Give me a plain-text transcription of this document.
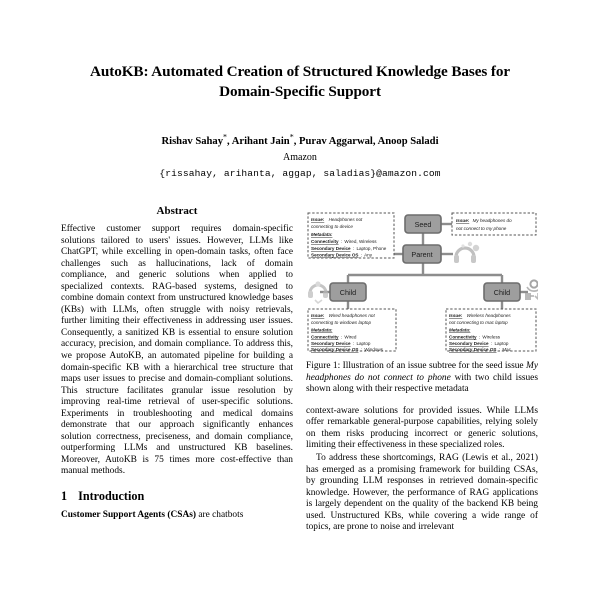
AutoKB: Automated Creation of Structured Knowledge Bases for Domain-Specific Support
Rishav Sahay*, Arihant Jain*, Purav Aggarwal, Anoop Saladi
Amazon
{rissahay, arihanta, aggap, saladias}@amazon.com
Abstract

Effective customer support requires domain-specific solutions tailored to users' issues. However, LLMs like ChatGPT, while excelling in open-domain tasks, often face challenges such as hallucinations, lack of domain compliance, and generic solutions when applied to specialized contexts. RAG-based systems, designed to combine domain context from unstructured knowledge bases (KBs) with LLMs, often struggle with noisy retrievals, further limiting their effectiveness in addressing user issues. Consequently, a sanitized KB is essential to ensure solution accuracy, precision, and domain compliance. To address this, we propose AutoKB, an automated pipeline for building a domain-specific KB with a hierarchical tree structure that maps user issues to precise and domain-compliant solutions. This structure facilitates granular issue resolution by improving real-time retrieval of user-specific solutions. Experiments in troubleshooting and medical domains demonstrate that our approach significantly enhances solution correctness, preciseness, and domain compliance, outperforming LLMs and unstructured KB baselines. Moreover, AutoKB is 75 times more cost-effective than manual methods.

1 Introduction

Customer Support Agents (CSAs) are chatbots

Seed
Parent
Child	Child
Issue: My headphones do
not connect to my phone
Issue: Headphones not
connecting to device
Metadata:
Connectivity : Wired, Wireless
Secondary Device : Laptop, Phone
Secondary Device OS : Any
Issue: Wired headphones not
connecting to windows laptop
Metadata:
Connectivity : Wired
Secondary Device : Laptop
Secondary Device OS : Windows
Issue: Wireless headphones
not connecting to mac laptop
Metadata:
Connectivity : Wireless
Secondary Device : Laptop
Secondary Device OS : Mac

Figure 1: Illustration of an issue subtree for the seed issue My headphones do not connect to phone with two child issues shown along with their respective metadata

context-aware solutions for provided issues. While LLMs offer remarkable general-purpose capabilities, relying solely on them risks producing incorrect or generic solutions, limiting their effectiveness in these specialized roles.

To address these shortcomings, RAG (Lewis et al., 2021) has emerged as a promising framework for building CSAs, by grounding LLM responses in retrieved domain-specific knowledge. However, the performance of RAG applications is largely dependent on the quality of the backend KB being used. Unstructured KBs, while covering a wide range of topics, are prone to noise and irrelevant
